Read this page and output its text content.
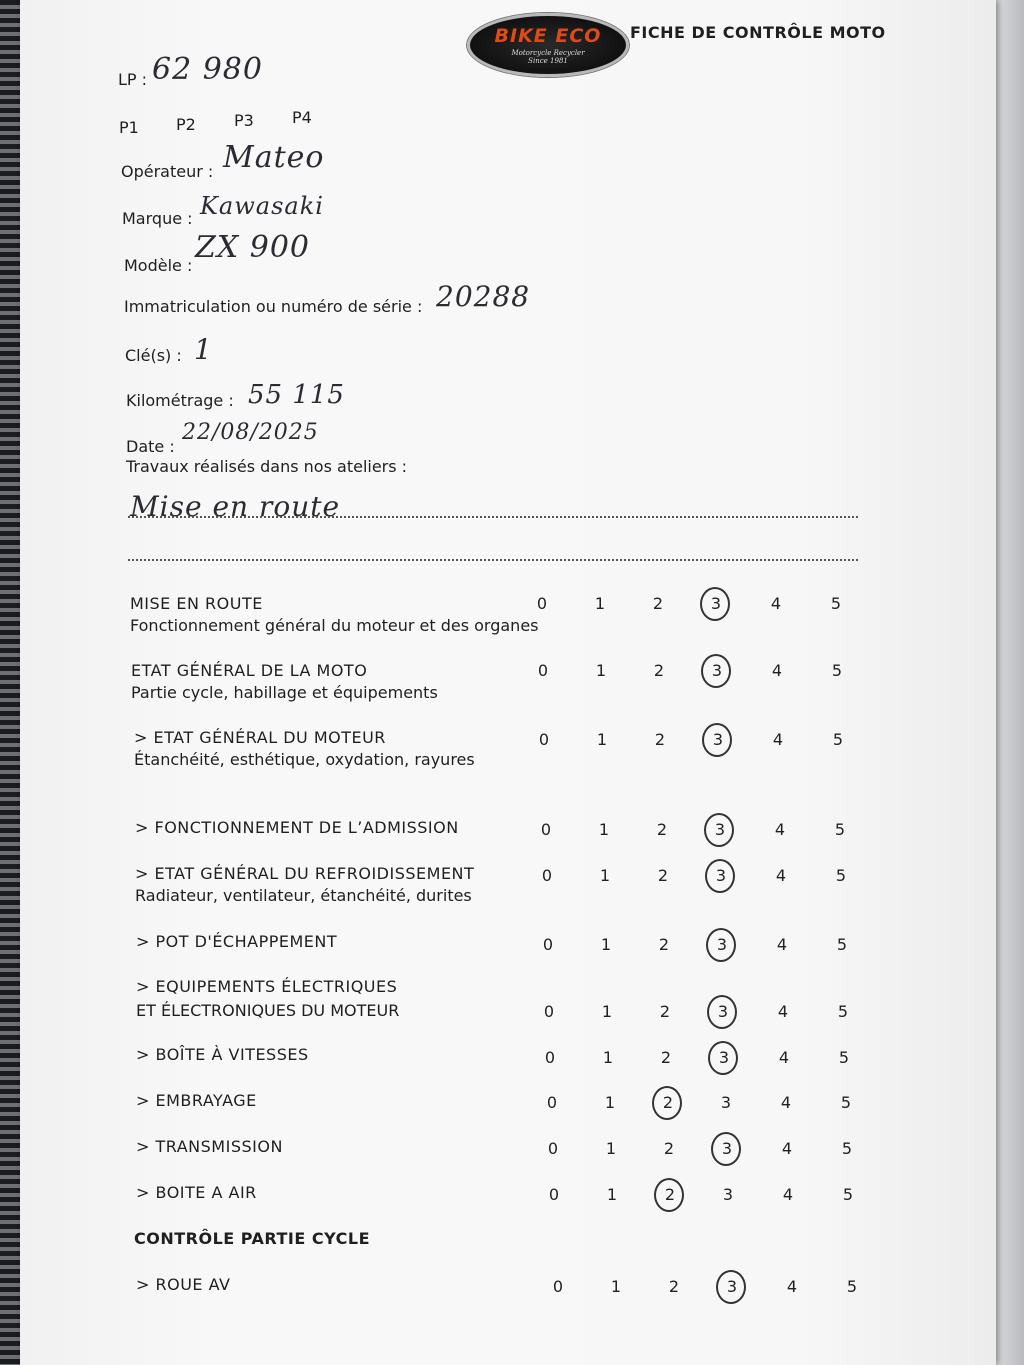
BIKE ECO
Motorcycle Recycler
Since 1981
FICHE DE CONTRÔLE MOTO
LP : 62 980
P1 P2 P3 P4
Opérateur : Mateo
Marque : Kawasaki
Modèle :
ZX 900
Immatriculation ou numéro de série : 20288
Clé(s) : 1
Kilométrage : 55 115
Date :
22/08/2025
Travaux réalisés dans nos ateliers :
Mise en route
MISE EN ROUTE
Fonctionnement général du moteur et des organes
0	1	2	3	4	5
ETAT GÉNÉRAL DE LA MOTO
Partie cycle, habillage et équipements
0	1	2	3	4	5
> ETAT GÉNÉRAL DU MOTEUR
Étanchéité, esthétique, oxydation, rayures
0	1	2	3	4	5
> FONCTIONNEMENT DE L’ADMISSION	0	1	2	3	4	5
> ETAT GÉNÉRAL DU REFROIDISSEMENT
Radiateur, ventilateur, étanchéité, durites
0	1	2	3	4	5
> POT D'ÉCHAPPEMENT	0	1	2	3	4	5
> EQUIPEMENTS ÉLECTRIQUES
ET ÉLECTRONIQUES DU MOTEUR	0	1	2	3	4	5
> BOÎTE À VITESSES	0	1	2	3	4	5
> EMBRAYAGE	0	1	2	3	4	5
> TRANSMISSION	0	1	2	3	4	5
> BOITE A AIR	0	1	2	3	4	5
> ROUE AV	0	1	2	3	4	5
CONTRÔLE PARTIE CYCLE
